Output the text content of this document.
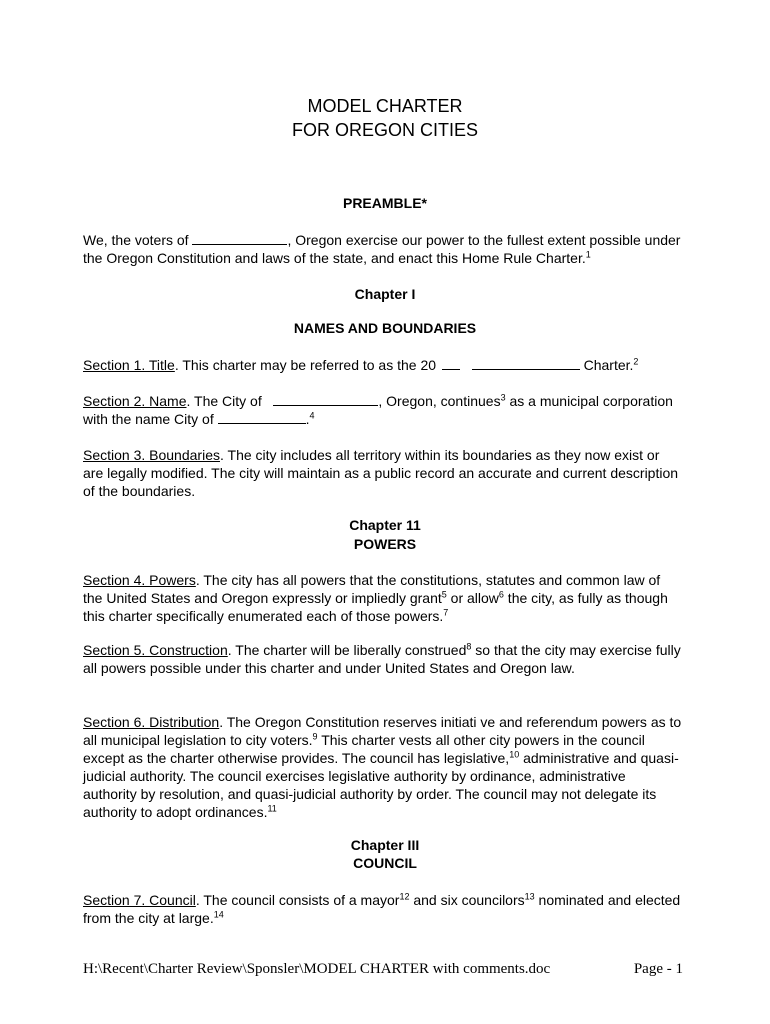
MODEL CHARTER
FOR OREGON CITIES
PREAMBLE*

We, the voters of	, Oregon exercise our power to the fullest extent possible under the Oregon Constitution and laws of the state, and enact this Home Rule Charter.$^1$

Chapter I
NAMES AND BOUNDARIES

Section 1. Title. This charter may be referred to as the 20	Charter.$^2$

Section 2. Name. The City of	, Oregon, continues$^3$ as a municipal corporation with the name City of	.$^4$

Section 3. Boundaries. The city includes all territory within its boundaries as they now exist or are legally modified. The city will maintain as a public record an accurate and current description of the boundaries.

Chapter 11
POWERS

Section 4. Powers. The city has all powers that the constitutions, statutes and common law of the United States and Oregon expressly or impliedly grant$^5$ or allow$^6$ the city, as fully as though this charter specifically enumerated each of those powers.$^7$

Section 5. Construction. The charter will be liberally construed$^8$ so that the city may exercise fully all powers possible under this charter and under United States and Oregon law.

Section 6. Distribution. The Oregon Constitution reserves initiati ve and referendum powers as to all municipal legislation to city voters.$^9$ This charter vests all other city powers in the council except as the charter otherwise provides. The council has legislative,$^{10}$ administrative and quasi-judicial authority. The council exercises legislative authority by ordinance, administrative authority by resolution, and quasi-judicial authority by order. The council may not delegate its authority to adopt ordinances.$^{11}$

Chapter III
COUNCIL

Section 7. Council. The council consists of a mayor$^{12}$ and six councilors$^{13}$ nominated and elected from the city at large.$^{14}$

H:\Recent\Charter Review\Sponsler\MODEL CHARTER with comments.doc	Page - 1
